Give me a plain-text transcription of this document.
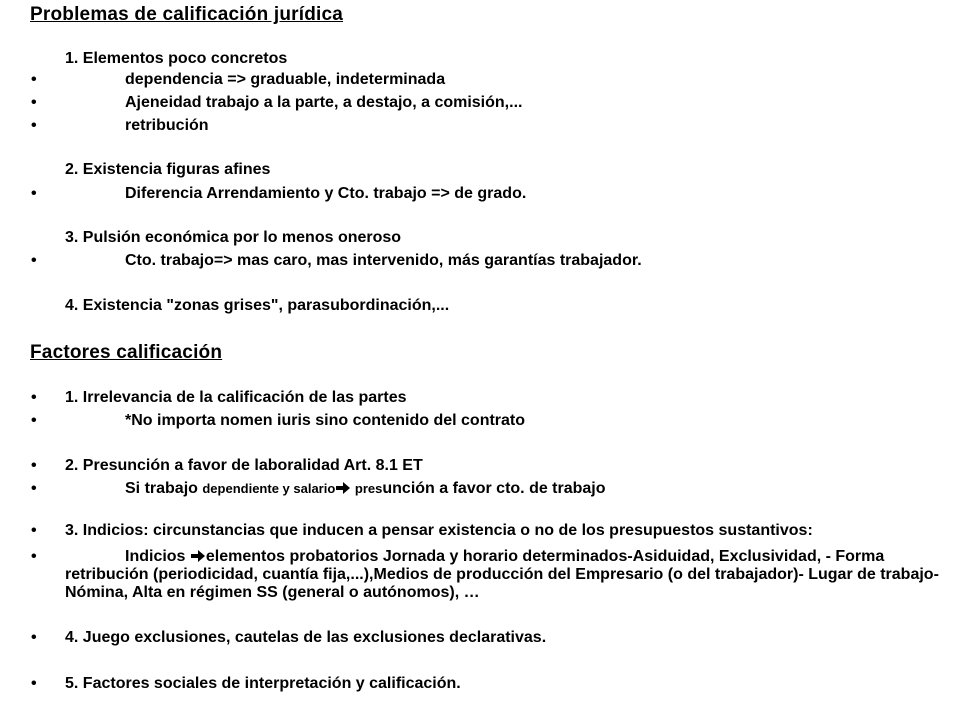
Problemas de calificación jurídica
1. Elementos poco concretos
•	dependencia => graduable, indeterminada
•	Ajeneidad trabajo a la parte, a destajo, a comisión,...
•	retribución
2. Existencia figuras afines
•	Diferencia Arrendamiento y Cto. trabajo => de grado.
3. Pulsión económica por lo menos oneroso
•	Cto. trabajo=> mas caro, mas intervenido, más garantías trabajador.
4. Existencia "zonas grises", parasubordinación,...
Factores calificación
• 1. Irrelevancia de la calificación de las partes
•	*No importa nomen iuris sino contenido del contrato
• 2. Presunción a favor de laboralidad Art. 8.1 ET
•	Si trabajo dependiente y salario presunción a favor cto. de trabajo
• 3. Indicios: circunstancias que inducen a pensar existencia o no de los presupuestos sustantivos:
•	Indicios elementos probatorios Jornada y horario determinados-Asiduidad, Exclusividad, - Forma retribución (periodicidad, cuantía fija,...),Medios de producción del Empresario (o del trabajador)- Lugar de trabajo-Nómina, Alta en régimen SS (general o autónomos), …
• 4. Juego exclusiones, cautelas de las exclusiones declarativas.
• 5. Factores sociales de interpretación y calificación.
